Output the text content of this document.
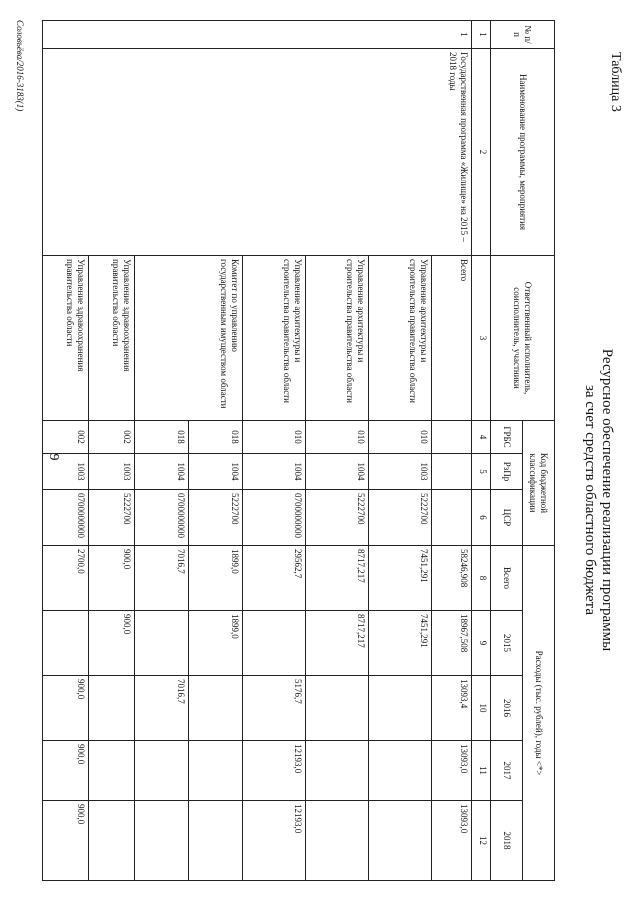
9
Таблица 3
Ресурсное обеспечение реализации программы
за счет средств областного бюджета
№ п/п	Наименование программы, мероприятия	Ответственный исполнитель, соисполнитель, участники	Код бюджетной классификации			Расходы (тыс. рублей), годы <*>				
			ГРБС	РзПр	ЦСР	Всего	2015	2016	2017	2018
1	2	3	4	5	6	8	9	10	11	12
1	Государственная программа «Жилище» на 2015 – 2018 годы	Всего				58246,908	18967,508	13093,4	13093,0	13093,0
		Управление архитектуры и строительства правительства области	010	1003	5222700	7451,291	7451,291			
		Управление архитектуры и строительства правительства области	010	1004	5222700	8717,217	8717,217			
		Управление архитектуры и строительства правительства области	010	1004	0700000000	29562,7		5176,7	12193,0	12193,0
		Комитет по управлению государственным имуществом области	018	1004	5222700	1899,0	1899,0			
			018	1004	0700000000	7016,7		7016,7		
		Управление здравоохранения правительства области	002	1003	5222700	900,0	900,0			
		Управление здравоохранения правительства области	002	1003	0700000000	2700,0		900,0	900,0	900,0
Соловьёва/2016-3183(1)
